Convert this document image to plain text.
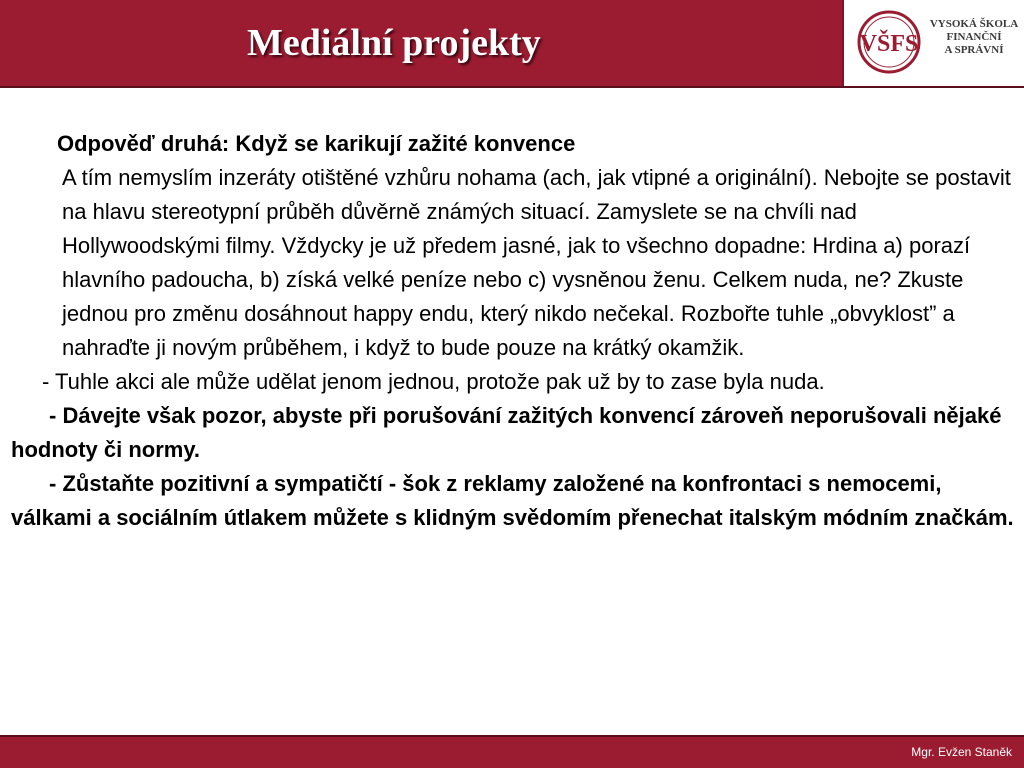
Mediální projekty	VŠFS
VYSOKÁ ŠKOLA
FINANČNÍ
A SPRÁVNÍ

Odpověď druhá: Když se karikují zažité konvence

A tím nemyslím inzeráty otištěné vzhůru nohama (ach, jak vtipné a originální). Nebojte se postavit na hlavu stereotypní průběh důvěrně známých situací. Zamyslete se na chvíli nad Hollywoodskými filmy. Vždycky je už předem jasné, jak to všechno dopadne: Hrdina a) porazí hlavního padoucha, b) získá velké peníze nebo c) vysněnou ženu. Celkem nuda, ne? Zkuste jednou pro změnu dosáhnout happy endu, který nikdo nečekal. Rozbořte tuhle „obvyklost” a nahraďte ji novým průběhem, i když to bude pouze na krátký okamžik.

- Tuhle akci ale může udělat jenom jednou, protože pak už by to zase byla nuda.

- Dávejte však pozor, abyste při porušování zažitých konvencí zároveň neporušovali nějaké hodnoty či normy.

- Zůstaňte pozitivní a sympatičtí - šok z reklamy založené na konfrontaci s nemocemi, válkami a sociálním útlakem můžete s klidným svědomím přenechat italským módním značkám.

Mgr. Evžen Staněk
